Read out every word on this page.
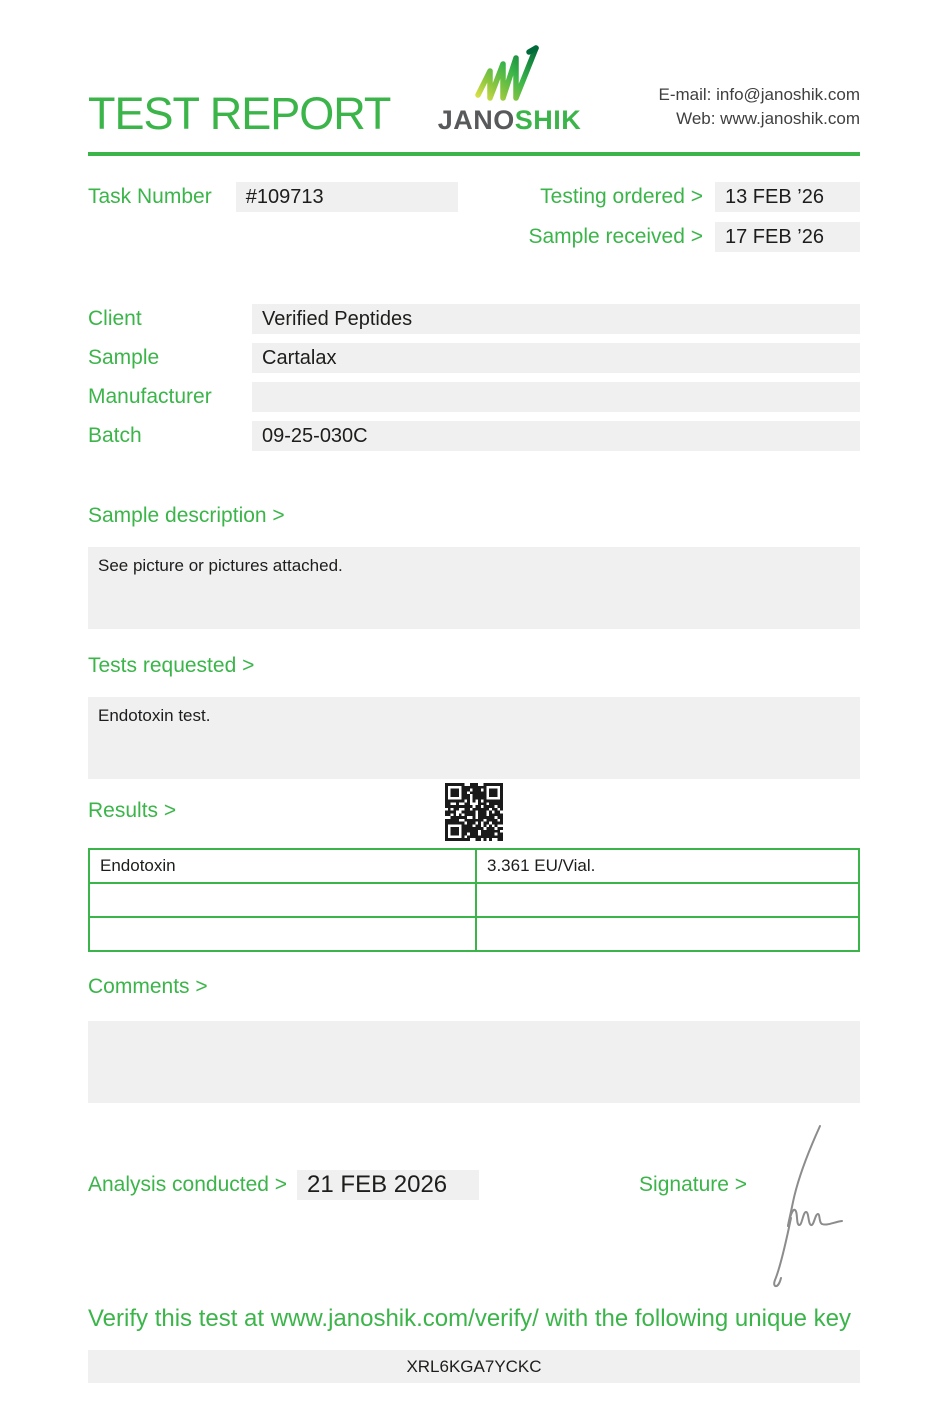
TEST REPORT JANOSHIK
E-mail: info@janoshik.com
Web: www.janoshik.com
Task Number	#109713	Testing ordered >	13 FEB ’26
Sample received >	17 FEB ’26
Client	Verified Peptides
Sample	Cartalax
Manufacturer
Batch	09-25-030C
Sample description >
See picture or pictures attached.
Tests requested >
Endotoxin test.
Results >
Endotoxin	3.361 EU/Vial.

Comments >
Analysis conducted > 21 FEB 2026	Signature >
Verify this test at www.janoshik.com/verify/ with the following unique key
XRL6KGA7YCKC
